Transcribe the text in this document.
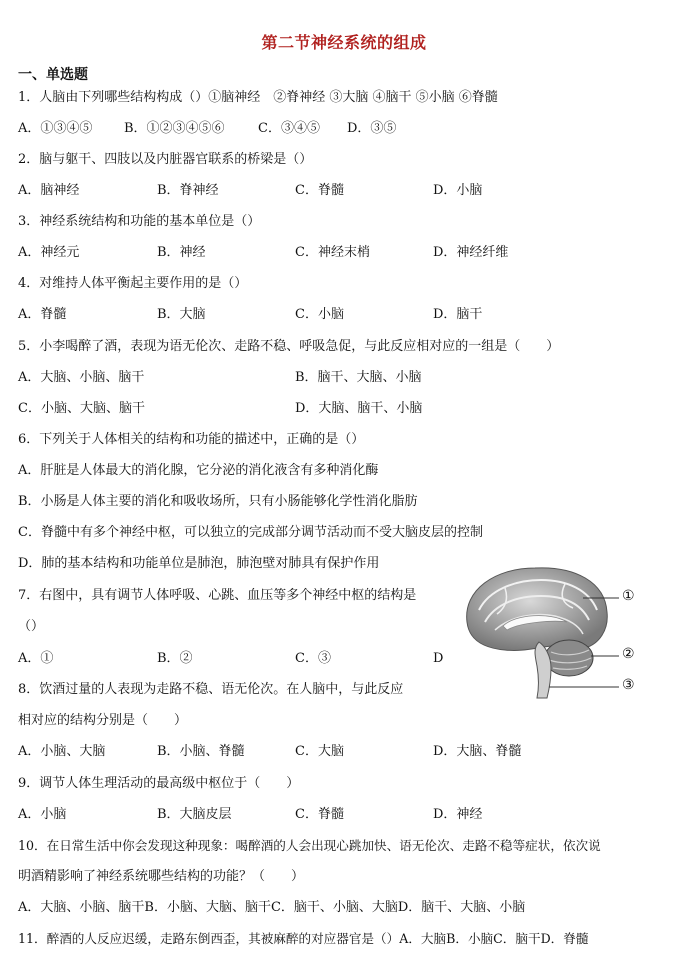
第二节神经系统的组成
一、单选题
1．人脑由下列哪些结构构成（）①脑神经　②脊神经 ③大脑 ④脑干 ⑤小脑 ⑥脊髓
A．①③④⑤ B．①②③④⑤⑥	C．③④⑤ D．③⑤
2．脑与躯干、四肢以及内脏器官联系的桥梁是（）
A．脑神经	B．脊神经	C．脊髓	D．小脑
3．神经系统结构和功能的基本单位是（）
A．神经元	B．神经	C．神经末梢	D．神经纤维
4．对维持人体平衡起主要作用的是（）
A．脊髓	B．大脑	C．小脑	D．脑干
5．小李喝醉了酒，表现为语无伦次、走路不稳、呼吸急促，与此反应相对应的一组是（　　）
A．大脑、小脑、脑干	B．脑干、大脑、小脑
C．小脑、大脑、脑干	D．大脑、脑干、小脑
6．下列关于人体相关的结构和功能的描述中，正确的是（）
A．肝脏是人体最大的消化腺，它分泌的消化液含有多种消化酶
B．小肠是人体主要的消化和吸收场所，只有小肠能够化学性消化脂肪
C．脊髓中有多个神经中枢，可以独立的完成部分调节活动而不受大脑皮层的控制
D．肺的基本结构和功能单位是肺泡，肺泡壁对肺具有保护作用
7．右图中，具有调节人体呼吸、心跳、血压等多个神经中枢的结构是
（）
A．①	B．②	C．③	D
①
②
③
8．饮酒过量的人表现为走路不稳、语无伦次。在人脑中，与此反应
相对应的结构分别是（　　）
A．小脑、大脑	B．小脑、脊髓	C．大脑	D．大脑、脊髓
9．调节人体生理活动的最高级中枢位于（　　）
A．小脑	B．大脑皮层	C．脊髓	D．神经
10．在日常生活中你会发现这种现象：喝醉酒的人会出现心跳加快、语无伦次、走路不稳等症状，依次说
明酒精影响了神经系统哪些结构的功能？（　　）
A．大脑、小脑、脑干B．小脑、大脑、脑干C．脑干、小脑、大脑D．脑干、大脑、小脑
11．醉酒的人反应迟缓，走路东倒西歪，其被麻醉的对应器官是（）A．大脑B．小脑C．脑干D．脊髓
